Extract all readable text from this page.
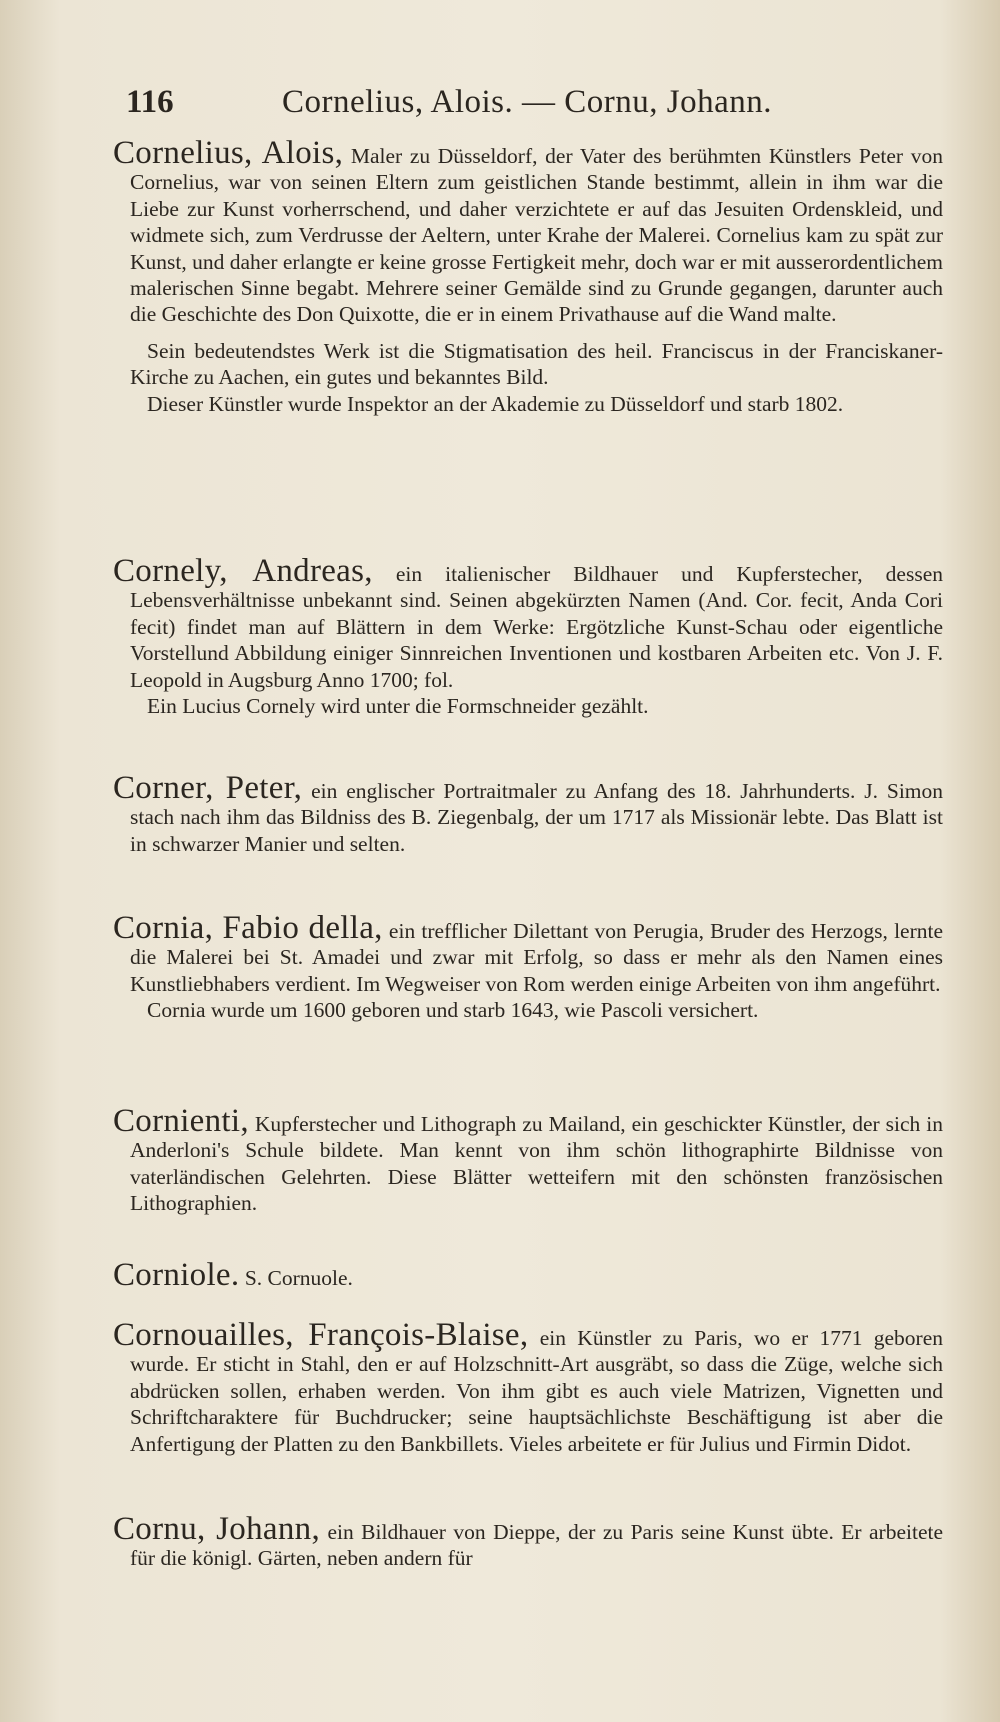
116	Cornelius, Alois. — Cornu, Johann.

Cornelius, Alois, Maler zu Düsseldorf, der Vater des berühmten Künstlers Peter von Cornelius, war von seinen Eltern zum geistlichen Stande bestimmt, allein in ihm war die Liebe zur Kunst vorherrschend, und daher verzichtete er auf das Jesuiten Ordenskleid, und widmete sich, zum Verdrusse der Aeltern, unter Krahe der Malerei. Cornelius kam zu spät zur Kunst, und daher erlangte er keine grosse Fertigkeit mehr, doch war er mit ausserordentlichem malerischen Sinne begabt. Mehrere seiner Gemälde sind zu Grunde gegangen, darunter auch die Geschichte des Don Quixotte, die er in einem Privathause auf die Wand malte.

Sein bedeutendstes Werk ist die Stigmatisation des heil. Franciscus in der Franciskaner-Kirche zu Aachen, ein gutes und bekanntes Bild.

Dieser Künstler wurde Inspektor an der Akademie zu Düsseldorf und starb 1802.

Cornely, Andreas, ein italienischer Bildhauer und Kupferstecher, dessen Lebensverhältnisse unbekannt sind. Seinen abgekürzten Namen (And. Cor. fecit, Anda Cori fecit) findet man auf Blättern in dem Werke: Ergötzliche Kunst-Schau oder eigentliche Vorstellund Abbildung einiger Sinnreichen Inventionen und kostbaren Arbeiten etc. Von J. F. Leopold in Augsburg Anno 1700; fol.

Ein Lucius Cornely wird unter die Formschneider gezählt.

Corner, Peter, ein englischer Portraitmaler zu Anfang des 18. Jahrhunderts. J. Simon stach nach ihm das Bildniss des B. Ziegenbalg, der um 1717 als Missionär lebte. Das Blatt ist in schwarzer Manier und selten.

Cornia, Fabio della, ein trefflicher Dilettant von Perugia, Bruder des Herzogs, lernte die Malerei bei St. Amadei und zwar mit Erfolg, so dass er mehr als den Namen eines Kunstliebhabers verdient. Im Wegweiser von Rom werden einige Arbeiten von ihm angeführt.

Cornia wurde um 1600 geboren und starb 1643, wie Pascoli versichert.

Cornienti, Kupferstecher und Lithograph zu Mailand, ein geschickter Künstler, der sich in Anderloni's Schule bildete. Man kennt von ihm schön lithographirte Bildnisse von vaterländischen Gelehrten. Diese Blätter wetteifern mit den schönsten französischen Lithographien.

Corniole. S. Cornuole.

Cornouailles, François-Blaise, ein Künstler zu Paris, wo er 1771 geboren wurde. Er sticht in Stahl, den er auf Holzschnitt-Art ausgräbt, so dass die Züge, welche sich abdrücken sollen, erhaben werden. Von ihm gibt es auch viele Matrizen, Vignetten und Schriftcharaktere für Buchdrucker; seine hauptsächlichste Beschäftigung ist aber die Anfertigung der Platten zu den Bankbillets. Vieles arbeitete er für Julius und Firmin Didot.

Cornu, Johann, ein Bildhauer von Dieppe, der zu Paris seine Kunst übte. Er arbeitete für die königl. Gärten, neben andern für
